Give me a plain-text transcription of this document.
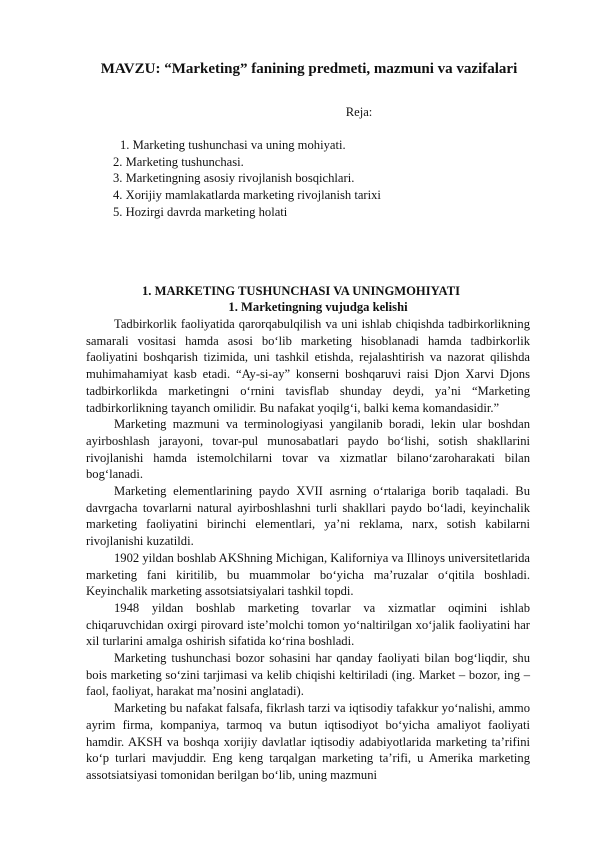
MAVZU: “Marketing” fanining predmeti, mazmuni va vazifalari
Reja:
1. Marketing tushunchasi va uning mohiyati.
2. Marketing tushunchasi.
3. Marketingning asosiy rivojlanish bosqichlari.
4. Xorijiy mamlakatlarda marketing rivojlanish tarixi
5. Hozirgi davrda marketing holati
1. MARKETING TUSHUNCHASI VA UNINGMOHIYATI
1. Marketingning vujudga kelishi

Tadbirkorlik faoliyatida qarorqabulqilish va uni ishlab chiqishda tadbirkorlikning samarali vositasi hamda asosi bo‘lib marketing hisoblanadi hamda tadbirkorlik faoliyatini boshqarish tizimida, uni tashkil etishda, rejalashtirish va nazorat qilishda muhimahamiyat kasb etadi. “Ay-si-ay” konserni boshqaruvi raisi Djon Xarvi Djons tadbirkorlikda marketingni o‘rnini tavisflab shunday deydi, ya’ni “Marketing tadbirkorlikning tayanch omilidir. Bu nafakat yoqilg‘i, balki kema komandasidir.”

Marketing mazmuni va terminologiyasi yangilanib boradi, lekin ular boshdan ayirboshlash jarayoni, tovar-pul munosabatlari paydo bo‘lishi, sotish shakllarini rivojlanishi hamda istemolchilarni tovar va xizmatlar bilano‘zaroharakati bilan bog‘lanadi.

Marketing elementlarining paydo XVII asrning o‘rtalariga borib taqaladi. Bu davrgacha tovarlarni natural ayirboshlashni turli shakllari paydo bo‘ladi, keyinchalik marketing faoliyatini birinchi elementlari, ya’ni reklama, narx, sotish kabilarni rivojlanishi kuzatildi.

1902 yildan boshlab AKShning Michigan, Kaliforniya va Illinoys universitetlarida marketing fani kiritilib, bu muammolar bo‘yicha ma’ruzalar o‘qitila boshladi. Keyinchalik marketing assotsiatsiyalari tashkil topdi.

1948 yildan boshlab marketing tovarlar va xizmatlar oqimini ishlab chiqaruvchidan oxirgi pirovard iste’molchi tomon yo‘naltirilgan xo‘jalik faoliyatini har xil turlarini amalga oshirish sifatida ko‘rina boshladi.

Marketing tushunchasi bozor sohasini har qanday faoliyati bilan bog‘liqdir, shu bois marketing so‘zini tarjimasi va kelib chiqishi keltiriladi (ing. Market – bozor, ing – faol, faoliyat, harakat ma’nosini anglatadi).

Marketing bu nafakat falsafa, fikrlash tarzi va iqtisodiy tafakkur yo‘nalishi, ammo ayrim firma, kompaniya, tarmoq va butun iqtisodiyot bo‘yicha amaliyot faoliyati hamdir. AKSH va boshqa xorijiy davlatlar iqtisodiy adabiyotlarida marketing ta’rifini ko‘p turlari mavjuddir. Eng keng tarqalgan marketing ta’rifi, u Amerika marketing assotsiatsiyasi tomonidan berilgan bo‘lib, uning mazmuni
